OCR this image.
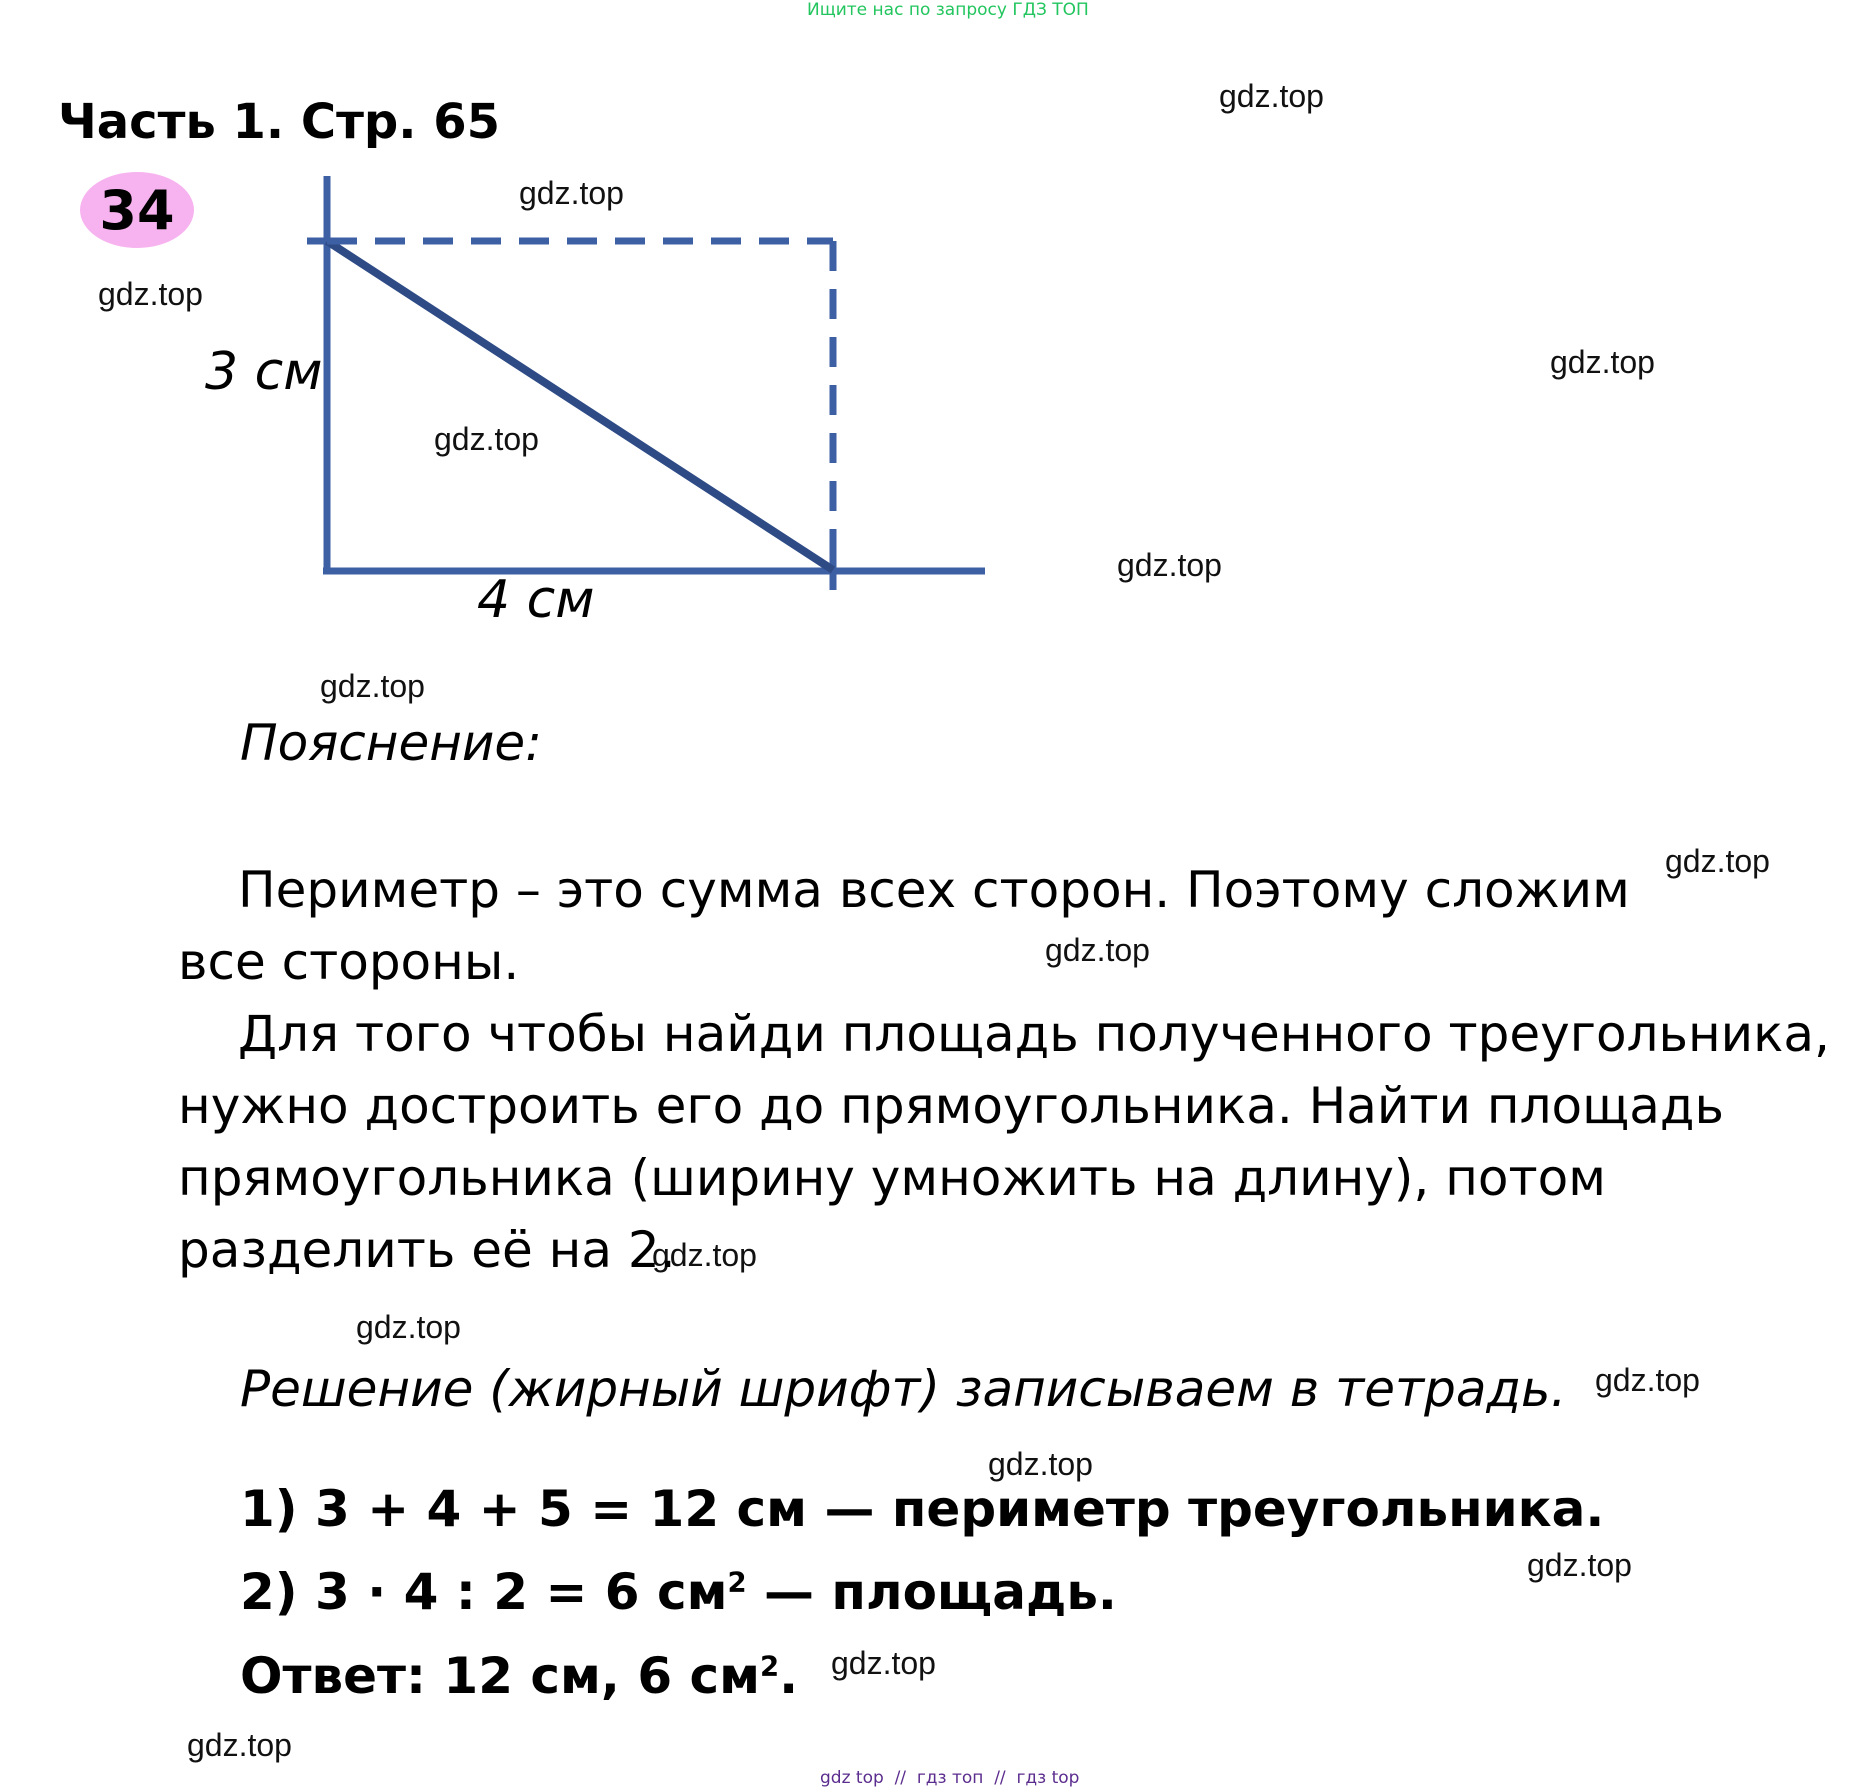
Ищите нас по запросу ГДЗ ТОП
Часть 1. Стр. 65
34
3 см
4 см
gdz.top
gdz.top
gdz.top
gdz.top
gdz.top
gdz.top
gdz.top
gdz.top
gdz.top
gdz.top
gdz.top
gdz.top
gdz.top
gdz.top
gdz.top
gdz.top
Пояснение:
Периметр – это сумма всех сторон. Поэтому сложим все стороны.
Для того чтобы найди площадь полученного треугольника, нужно достроить его до прямоугольника. Найти площадь прямоугольника (ширину умножить на длину), потом разделить её на 2.
Решение (жирный шрифт) записываем в тетрадь.
1) 3 + 4 + 5 = 12 см — периметр треугольника.
2) 3 · 4 : 2 = 6 $см^2$ — площадь.
Ответ: 12 см, 6 $см^2$.
gdz top  //  гдз топ  //  гдз top
